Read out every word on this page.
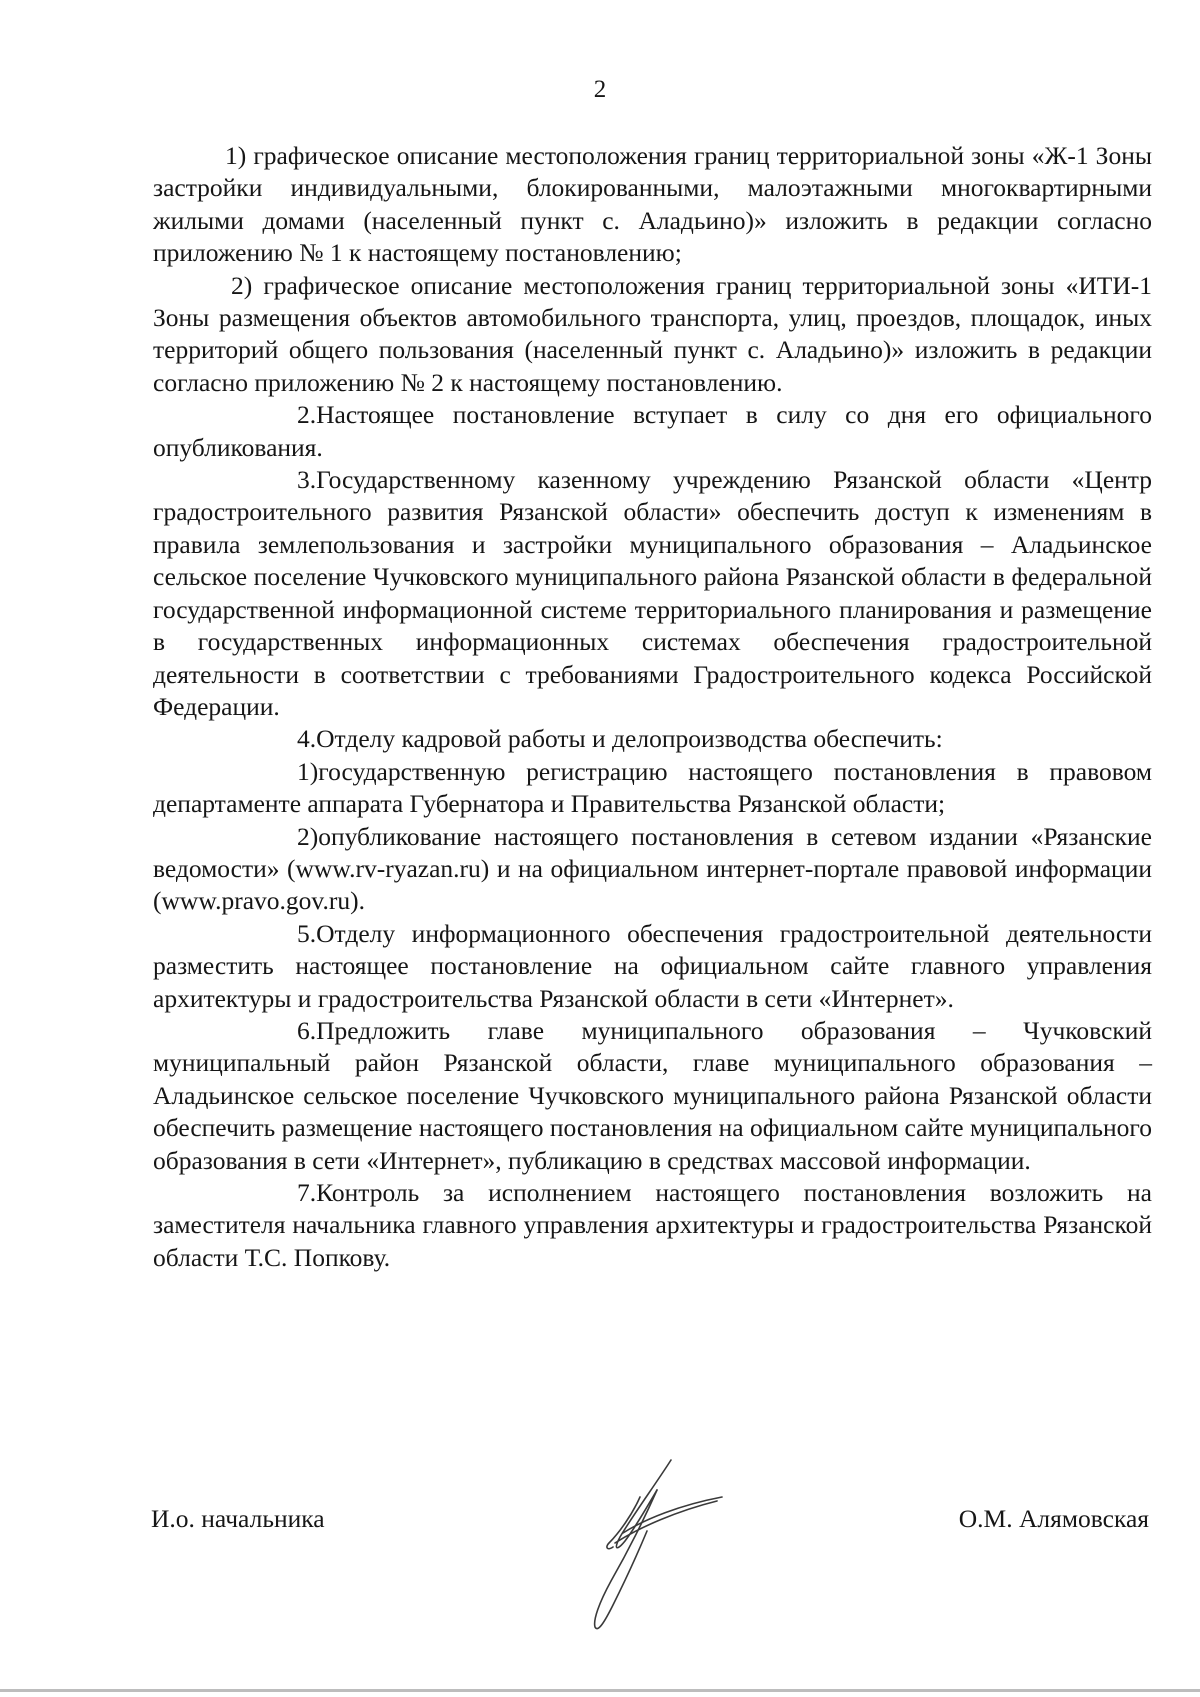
2

1) графическое описание местоположения границ территориальной зоны «Ж-1 Зоны застройки индивидуальными, блокированными, малоэтажными многоквартирными жилыми домами (населенный пункт с. Аладьино)» изложить в редакции согласно приложению № 1 к настоящему постановлению;

2) графическое описание местоположения границ территориальной зоны «ИТИ-1 Зоны размещения объектов автомобильного транспорта, улиц, проездов, площадок, иных территорий общего пользования (населенный пункт с. Аладьино)» изложить в редакции согласно приложению № 2 к настоящему постановлению.

2.Настоящее постановление вступает в силу со дня его официального опубликования.

3.Государственному казенному учреждению Рязанской области «Центр градостроительного развития Рязанской области» обеспечить доступ к изменениям в правила землепользования и застройки муниципального образования – Аладьинское сельское поселение Чучковского муниципального района Рязанской области в федеральной государственной информационной системе территориального планирования и размещение в государственных информационных системах обеспечения градостроительной деятельности в соответствии с требованиями Градостроительного кодекса Российской Федерации.

4.Отделу кадровой работы и делопроизводства обеспечить:

1)государственную регистрацию настоящего постановления в правовом департаменте аппарата Губернатора и Правительства Рязанской области;

2)опубликование настоящего постановления в сетевом издании «Рязанские ведомости» (www.rv-ryazan.ru) и на официальном интернет-портале правовой информации (www.pravo.gov.ru).

5.Отделу информационного обеспечения градостроительной деятельности разместить настоящее постановление на официальном сайте главного управления архитектуры и градостроительства Рязанской области в сети «Интернет».

6.Предложить главе муниципального образования – Чучковский муниципальный район Рязанской области, главе муниципального образования – Аладьинское сельское поселение Чучковского муниципального района Рязанской области обеспечить размещение настоящего постановления на официальном сайте муниципального образования в сети «Интернет», публикацию в средствах массовой информации.

7.Контроль за исполнением настоящего постановления возложить на заместителя начальника главного управления архитектуры и градостроительства Рязанской области Т.С. Попкову.

И.о. начальника	О.М. Алямовская
